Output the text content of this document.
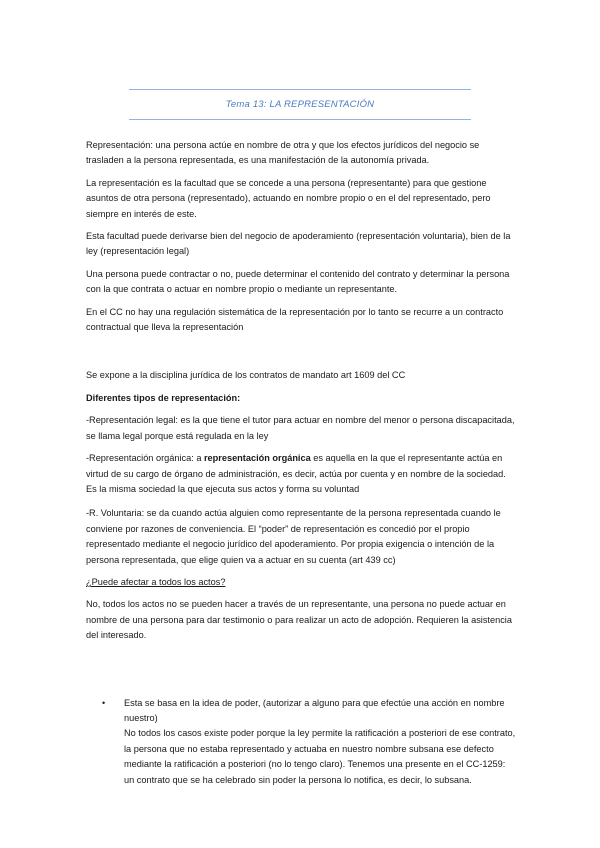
Tema 13: LA REPRESENTACIÓN

Representación: una persona actúe en nombre de otra y que los efectos jurídicos del negocio se trasladen a la persona representada, es una manifestación de la autonomía privada.

La representación es la facultad que se concede a una persona (representante) para que gestione asuntos de otra persona (representado), actuando en nombre propio o en el del representado, pero siempre en interés de este.

Esta facultad puede derivarse bien del negocio de apoderamiento (representación voluntaria), bien de la ley (representación legal)

Una persona puede contractar o no, puede determinar el contenido del contrato y determinar la persona con la que contrata o actuar en nombre propio o mediante un representante.

En el CC no hay una regulación sistemática de la representación por lo tanto se recurre a un contracto contractual que lleva la representación

Se expone a la disciplina jurídica de los contratos de mandato art 1609 del CC

Diferentes tipos de representación:

-Representación legal: es la que tiene el tutor para actuar en nombre del menor o persona discapacitada, se llama legal porque está regulada en la ley

-Representación orgánica: a representación orgánica es aquella en la que el representante actúa en virtud de su cargo de órgano de administración, es decir, actúa por cuenta y en nombre de la sociedad. Es la misma sociedad la que ejecuta sus actos y forma su voluntad

-R. Voluntaria: se da cuando actúa alguien como representante de la persona representada cuando le conviene por razones de conveniencia. El “poder” de representación es concedió por el propio representado mediante el negocio jurídico del apoderamiento. Por propia exigencia o intención de la persona representada, que elige quien va a actuar en su cuenta (art 439 cc)

¿Puede afectar a todos los actos?

No, todos los actos no se pueden hacer a través de un representante, una persona no puede actuar en nombre de una persona para dar testimonio o para realizar un acto de adopción. Requieren la asistencia del interesado.

•	Esta se basa en la idea de poder, (autorizar a alguno para que efectúe una acción en nombre nuestro)

No todos los casos existe poder porque la ley permite la ratificación a posteriori de ese contrato, la persona que no estaba representado y actuaba en nuestro nombre subsana ese defecto mediante la ratificación a posteriori (no lo tengo claro). Tenemos una presente en el CC-1259: un contrato que se ha celebrado sin poder la persona lo notifica, es decir, lo subsana.
